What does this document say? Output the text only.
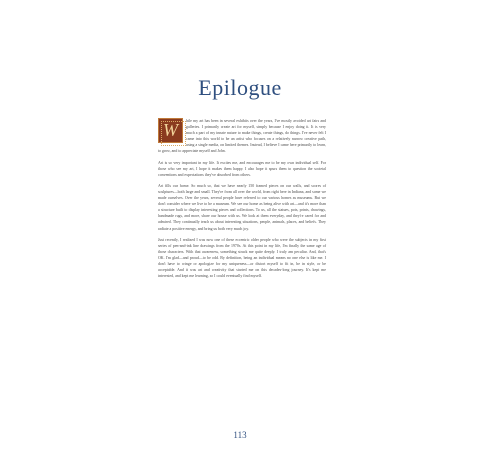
Epilogue

W	hile my art has been in several exhibits over the years, I've mostly avoided art fairs and galleries. I primarily create art for myself, simply because I enjoy doing it. It is very much a part of my innate nature to make things, create things, do things. I've never felt I came into this world to be an artist who focuses on a relatively narrow creative path, using a single media, on limited themes. Instead, I believe I came here primarily to learn, to grow, and to appreciate myself and John.

Art is so very important in my life. It excites me, and encourages me to be my own individual self. For those who see my art, I hope it makes them happy. I also hope it spurs them to question the societal conventions and expectations they've absorbed from others.

Art fills our home. So much so, that we have nearly 150 framed pieces on our walls, and scores of sculptures—both large and small. They're from all over the world, from right here in Indiana, and some we made ourselves. Over the years, several people have referred to our various homes as museums. But we don't consider where we live to be a museum. We see our home as being alive with art—and it's more than a structure built to display interesting pieces and collections. To us, all the statues, pots, prints, drawings, handmade rugs, and more, share our house with us. We look at them everyday, and they're cared for and admired. They continually teach us about interesting situations, people, animals, places, and beliefs. They radiate a positive energy, and bring us both very much joy.

Just recently, I realized I was now one of these eccentric older people who were the subjects in my first series of pen-and-ink line drawings from the 1970s. At this point in my life, I'm finally the same age of those characters. With that awareness, something struck me quite deeply. I truly am peculiar. And, that's OK. I'm glad—and proud—to be odd. By definition, being an individual means no one else is like me. I don't have to cringe or apologize for my uniqueness—or distort myself to fit in, be in style, or be acceptable. And it was art and creativity that started me on this decades-long journey. It's kept me interested, and kept me learning, so I could eventually find myself.

113
